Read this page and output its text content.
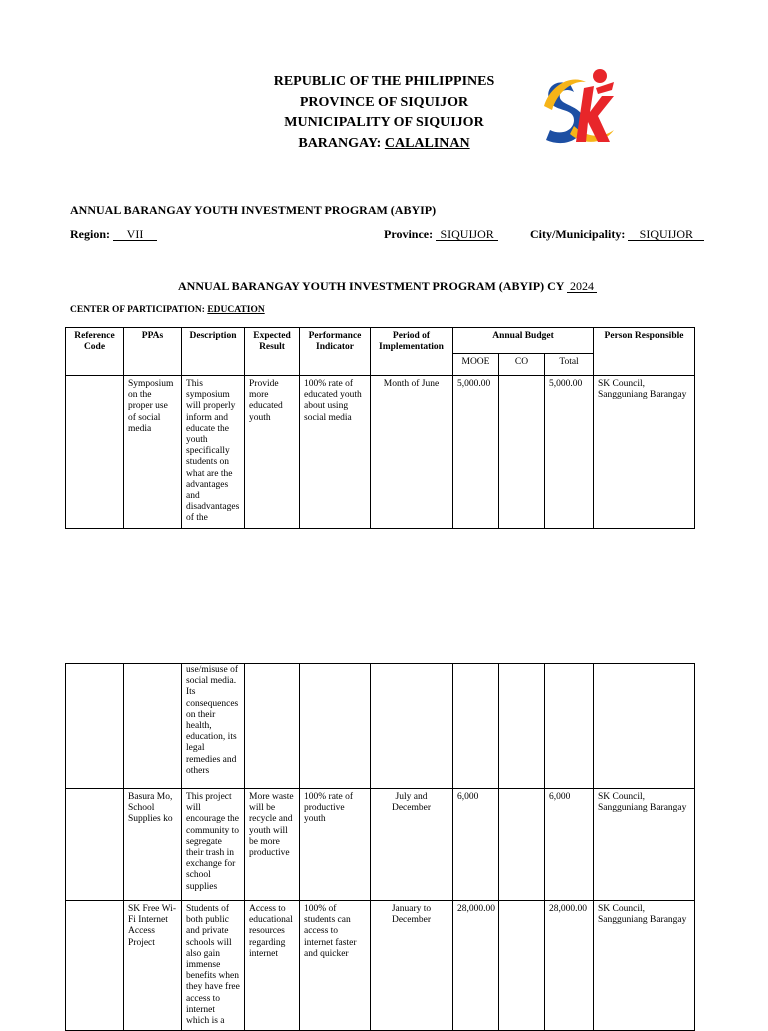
REPUBLIC OF THE PHILIPPINES
PROVINCE OF SIQUIJOR
MUNICIPALITY OF SIQUIJOR
BARANGAY: CALALINAN
ANNUAL BARANGAY YOUTH INVESTMENT PROGRAM (ABYIP)
Region: VII	Province: SIQUIJOR	City/Municipality: SIQUIJOR
ANNUAL BARANGAY YOUTH INVESTMENT PROGRAM (ABYIP) CY 2024
CENTER OF PARTICIPATION: EDUCATION
Reference Code	PPAs	Description	Expected Result	Performance Indicator	Period of Implementation	Annual Budget			Person Responsible
						MOOE	CO	Total	
	Symposium on the proper use of social media	This symposium will properly inform and educate the youth specifically students on what are the advantages and disadvantages of the	Provide more educated youth	100% rate of educated youth about using social media	Month of June	5,000.00		5,000.00	SK Council, Sangguniang Barangay
		use/misuse of social media. Its consequences on their health, education, its legal remedies and others							
	Basura Mo, School Supplies ko	This project will encourage the community to segregate their trash in exchange for school supplies	More waste will be recycle and youth will be more productive	100% rate of productive youth	July and December	6,000		6,000	SK Council, Sangguniang Barangay
	SK Free Wi-Fi Internet Access Project	Students of both public and private schools will also gain immense benefits when they have free access to internet which is a	Access to educational resources regarding internet	100% of students can access to internet faster and quicker	January to December	28,000.00		28,000.00	SK Council, Sangguniang Barangay
